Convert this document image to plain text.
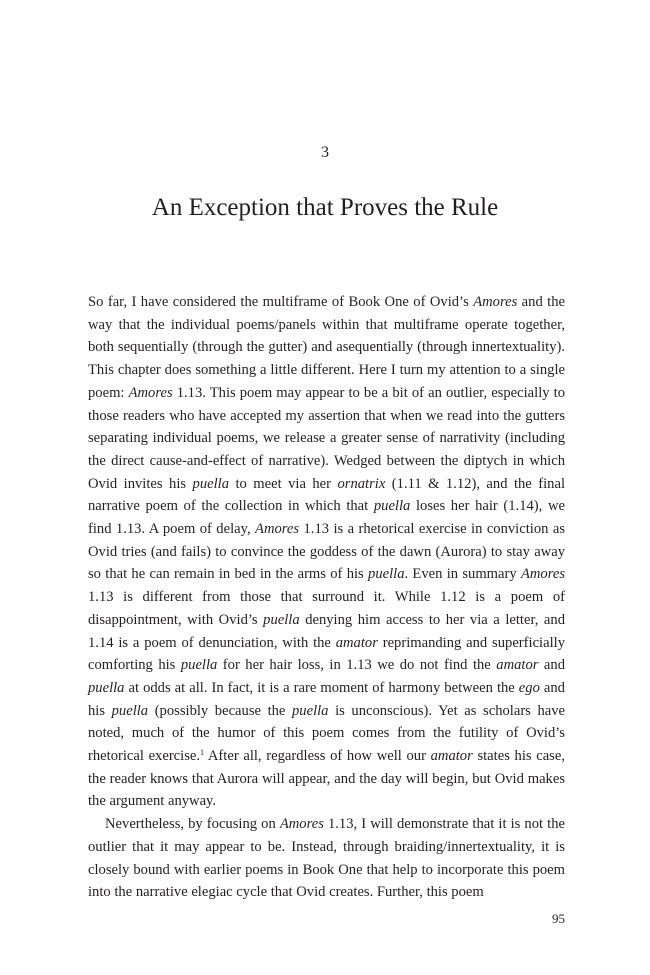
3
An Exception that Proves the Rule

So far, I have considered the multiframe of Book One of Ovid’s Amores and the way that the individual poems/panels within that multiframe operate together, both sequentially (through the gutter) and asequentially (through innertextuality). This chapter does something a little different. Here I turn my attention to a single poem: Amores 1.13. This poem may appear to be a bit of an outlier, especially to those readers who have accepted my assertion that when we read into the gutters separating individual poems, we release a greater sense of narrativity (including the direct cause-and-effect of narrative). Wedged between the diptych in which Ovid invites his puella to meet via her ornatrix (1.11 & 1.12), and the final narrative poem of the collection in which that puella loses her hair (1.14), we find 1.13. A poem of delay, Amores 1.13 is a rhetorical exercise in conviction as Ovid tries (and fails) to convince the goddess of the dawn (Aurora) to stay away so that he can remain in bed in the arms of his puella. Even in summary Amores 1.13 is different from those that surround it. While 1.12 is a poem of disappointment, with Ovid’s puella denying him access to her via a letter, and 1.14 is a poem of denunciation, with the amator reprimanding and superficially comforting his puella for her hair loss, in 1.13 we do not find the amator and puella at odds at all. In fact, it is a rare moment of harmony between the ego and his puella (possibly because the puella is unconscious). Yet as scholars have noted, much of the humor of this poem comes from the futility of Ovid’s rhetorical exercise.$^1$ After all, regardless of how well our amator states his case, the reader knows that Aurora will appear, and the day will begin, but Ovid makes the argument anyway.

Nevertheless, by focusing on Amores 1.13, I will demonstrate that it is not the outlier that it may appear to be. Instead, through braiding/innertextuality, it is closely bound with earlier poems in Book One that help to incorporate this poem into the narrative elegiac cycle that Ovid creates. Further, this poem

95
